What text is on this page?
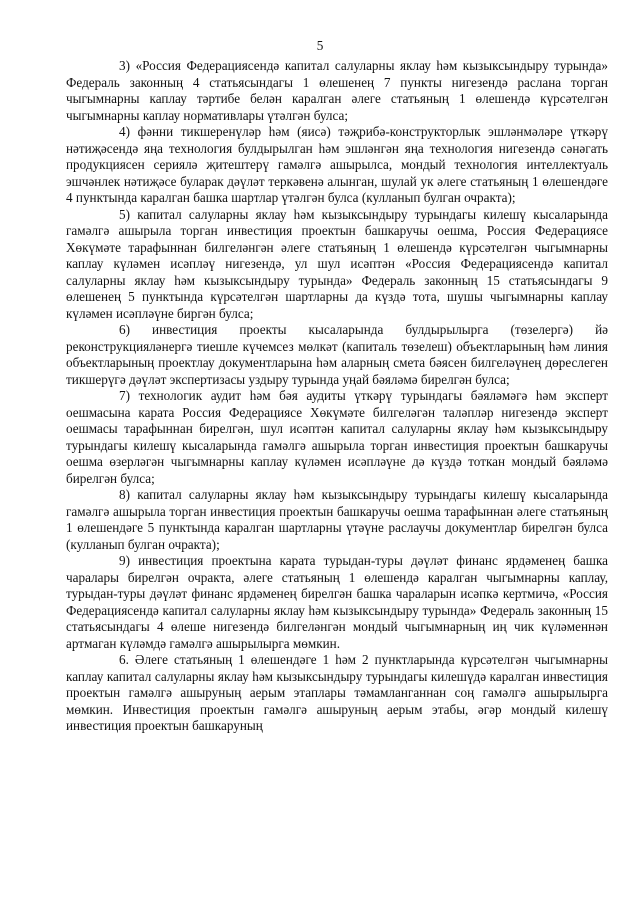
5

3) «Россия Федерациясендә капитал салуларны яклау һәм кызыксындыру турында» Федераль законның 4 статьясындагы 1 өлешенең 7 пункты нигезендә раслана торган чыгымнарны каплау тәртибе белән каралган әлеге статьяның 1 өлешендә күрсәтелгән чыгымнарны каплау нормативлары үтәлгән булса;

4) фәнни тикшеренүләр һәм (яисә) тәҗрибә-конструкторлык эшләнмәләре үткәрү нәтиҗәсендә яңа технология булдырылган һәм эшләнгән яңа технология нигезендә сәнәгать продукциясен сериялә җитештерү гамәлгә ашырылса, мондый технология интеллектуаль эшчәнлек нәтиҗәсе буларак дәүләт теркәвенә алынган, шулай ук әлеге статьяның 1 өлешендәге 4 пунктында каралган башка шартлар үтәлгән булса (кулланып булган очракта);

5) капитал салуларны яклау һәм кызыксындыру турындагы килешү кысаларында гамәлгә ашырыла торган инвестиция проектын башкаручы оешма, Россия Федерациясе Хөкүмәте тарафыннан билгеләнгән әлеге статьяның 1 өлешендә күрсәтелгән чыгымнарны каплау күләмен исәпләү нигезендә, ул шул исәптән «Россия Федерациясендә капитал салуларны яклау һәм кызыксындыру турында» Федераль законның 15 статьясындагы 9 өлешенең 5 пунктында күрсәтелгән шартларны да күздә тота, шушы чыгымнарны каплау күләмен исәпләүне биргән булса;

6) инвестиция проекты кысаларында булдырылырга (төзелергә) йә реконструкцияләнергә тиешле күчемсез мөлкәт (капиталь төзелеш) объектларының һәм линия объектларының проектлау документларына һәм аларның смета бәясен билгеләүнең дөреслеген тикшерүгә дәүләт экспертизасы уздыру турында уңай бәяләмә бирелгән булса;

7) технологик аудит һәм бәя аудиты үткәрү турындагы бәяләмәгә һәм эксперт оешмасына карата Россия Федерациясе Хөкүмәте билгеләгән таләпләр нигезендә эксперт оешмасы тарафыннан бирелгән, шул исәптән капитал салуларны яклау һәм кызыксындыру турындагы килешү кысаларында гамәлгә ашырыла торган инвестиция проектын башкаручы оешма өзерләгән чыгымнарны каплау күләмен исәпләүне дә күздә тоткан мондый бәяләмә бирелгән булса;

8) капитал салуларны яклау һәм кызыксындыру турындагы килешү кысаларында гамәлгә ашырыла торган инвестиция проектын башкаручы оешма тарафыннан әлеге статьяның 1 өлешендәге 5 пунктында каралган шартларны үтәүне раслаучы документлар бирелгән булса (кулланып булган очракта);

9) инвестиция проектына карата турыдан-туры дәүләт финанс ярдәменең башка чаралары бирелгән очракта, әлеге статьяның 1 өлешендә каралган чыгымнарны каплау, турыдан-туры дәүләт финанс ярдәменең бирелгән башка чараларын исәпкә кертмичә, «Россия Федерациясендә капитал салуларны яклау һәм кызыксындыру турында» Федераль законның 15 статьясындагы 4 өлеше нигезендә билгеләнгән мондый чыгымнарның иң чик күләменнән артмаган күләмдә гамәлгә ашырылырга мөмкин.

6. Әлеге статьяның 1 өлешендәге 1 һәм 2 пунктларында күрсәтелгән чыгымнарны каплау капитал салуларны яклау һәм кызыксындыру турындагы килешүдә каралган инвестиция проектын гамәлгә ашыруның аерым этаплары тәмамланганнан соң гамәлгә ашырылырга мөмкин. Инвестиция проектын гамәлгә ашыруның аерым этабы, әгәр мондый килешү инвестиция проектын башкаруның
